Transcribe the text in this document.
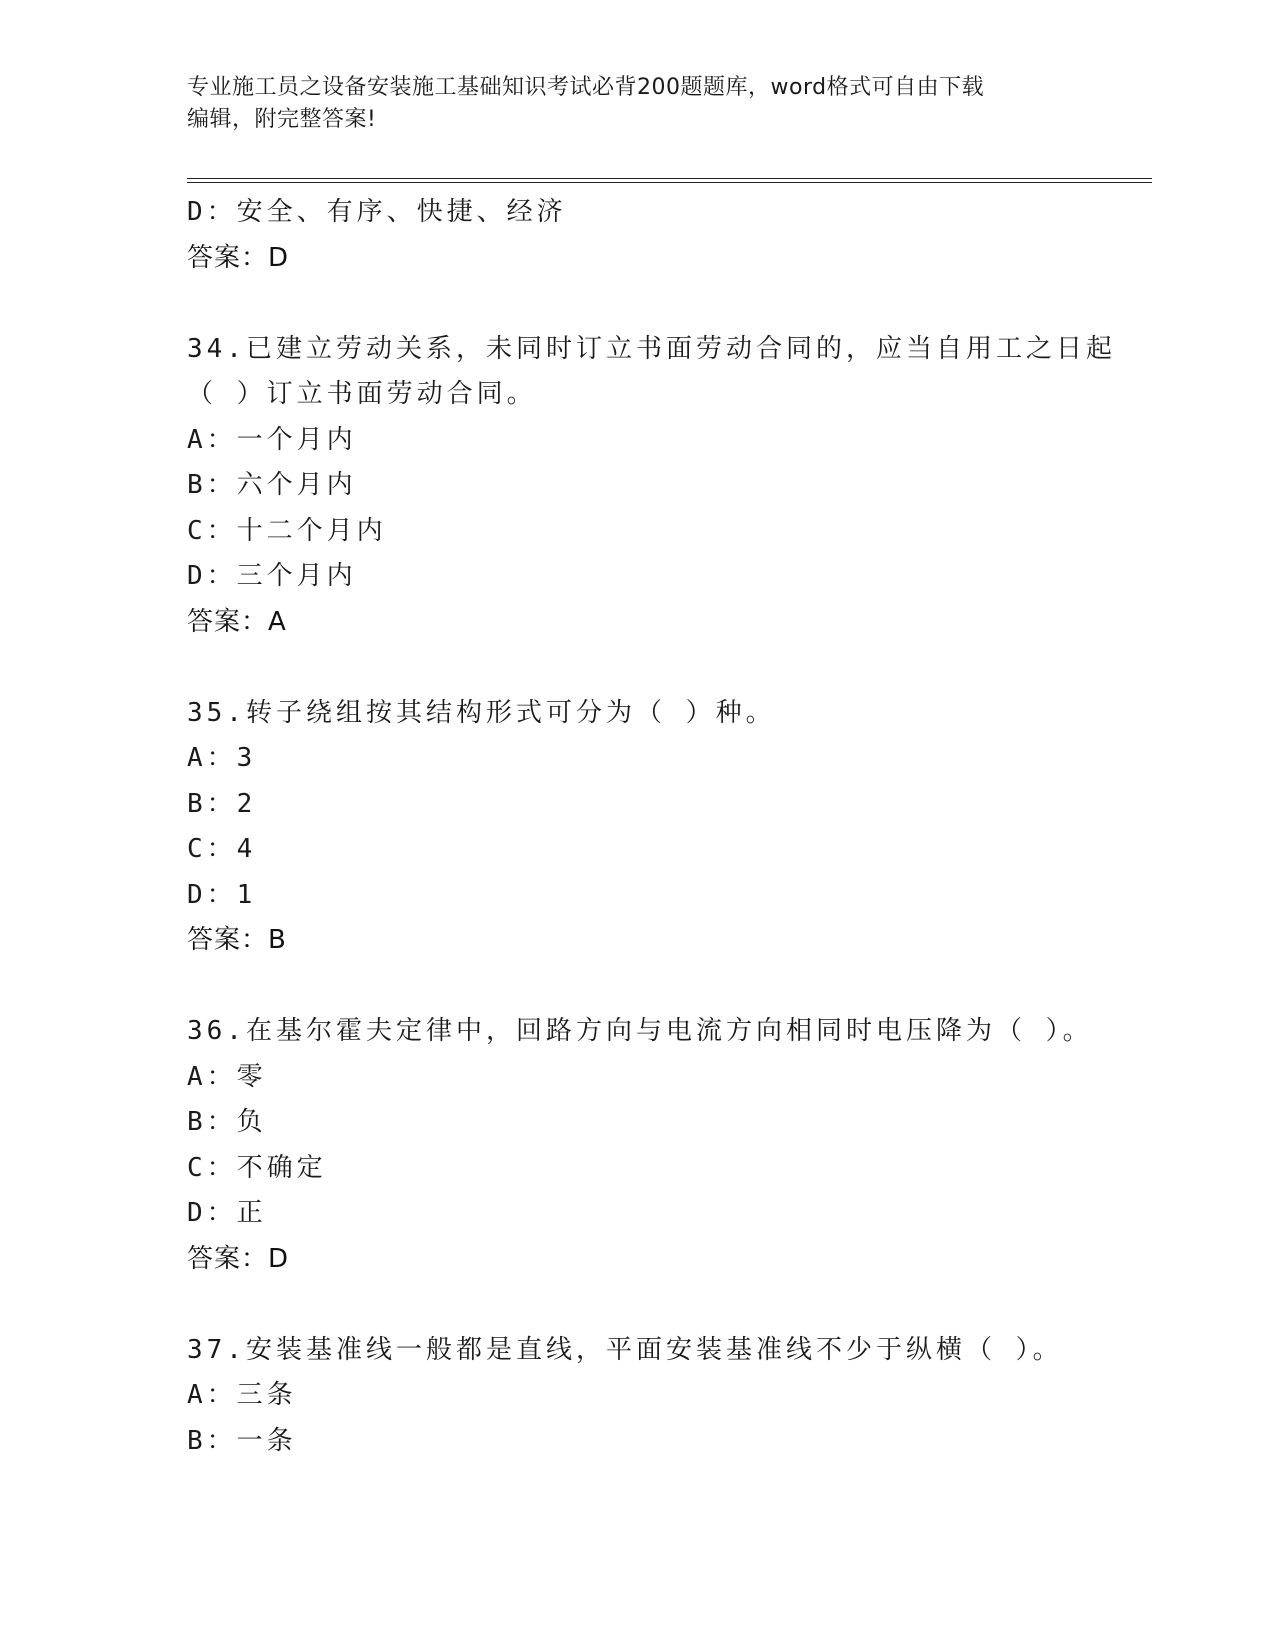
专业施工员之设备安装施工基础知识考试必背200题题库，word格式可自由下载
编辑，附完整答案!
D：安全、有序、快捷、经济
答案：D
34.已建立劳动关系，未同时订立书面劳动合同的，应当自用工之日起
（ ）订立书面劳动合同。
A：一个月内
B：六个月内
C：十二个月内
D：三个月内
答案：A
35.转子绕组按其结构形式可分为（ ）种。
A：3
B：2
C：4
D：1
答案：B
36.在基尔霍夫定律中，回路方向与电流方向相同时电压降为（ ）。
A：零
B：负
C：不确定
D：正
答案：D
37.安装基准线一般都是直线，平面安装基准线不少于纵横（ ）。
A：三条
B：一条
